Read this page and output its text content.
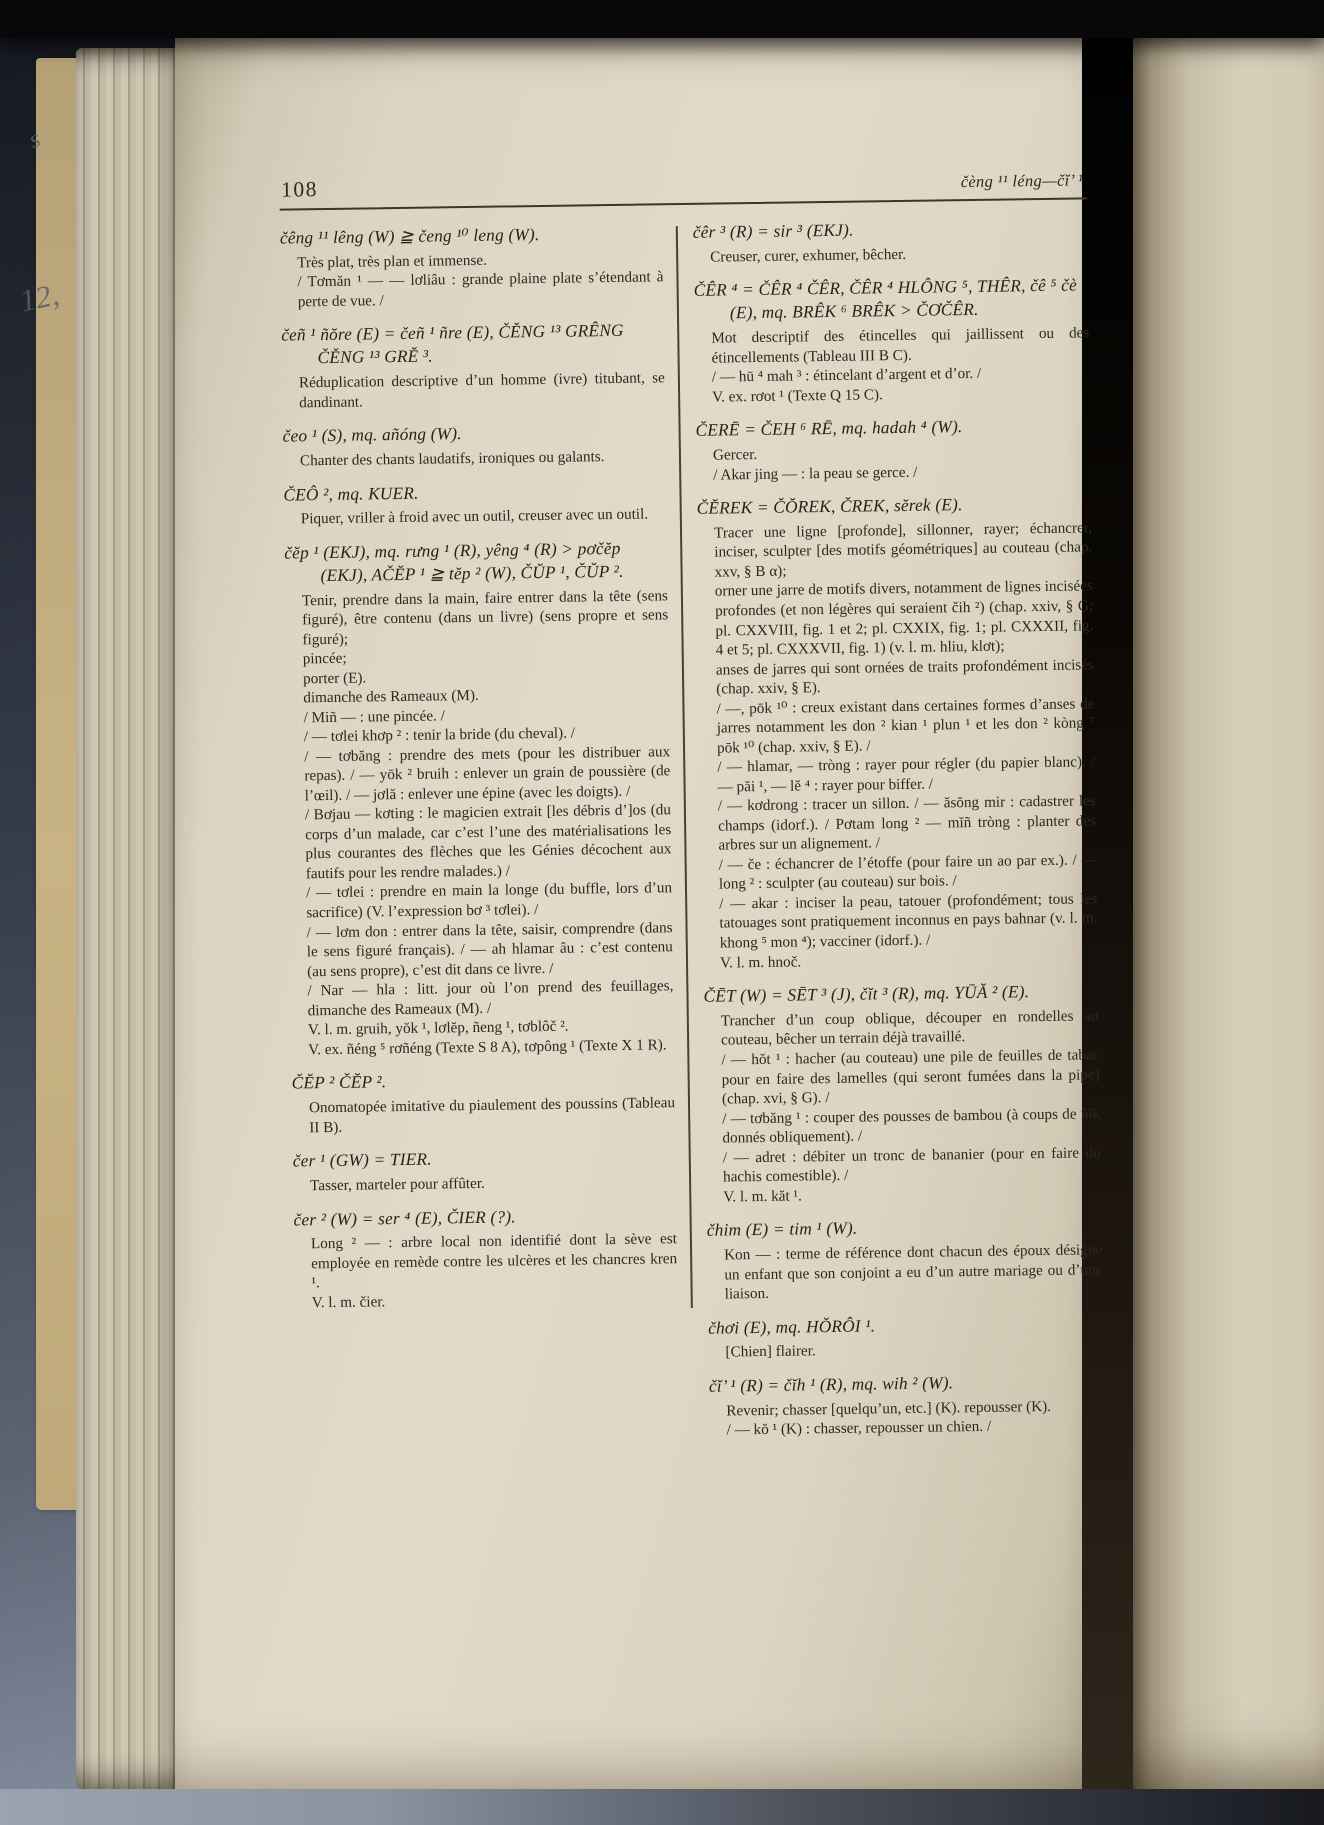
s
12,
108	čèng ¹¹ léng—čĭ’ ¹
čêng ¹¹ lêng (W) ≧ čeng ¹⁰ leng (W).

Très plat, très plan et immense.

/ Tơmăn ¹ — — lơliâu : grande plaine plate s’étendant à perte de vue. /

čeñ ¹ ñŏre (E) = čeñ ¹ ñre (E), ČĚNG ¹³ GRÊNG ČĚNG ¹³ GRĚ ³.

Réduplication descriptive d’un homme (ivre) titubant, se dandinant.

čeo ¹ (S), mq. añóng (W).

Chanter des chants laudatifs, ironiques ou galants.

ČEÔ ², mq. KUER.

Piquer, vriller à froid avec un outil, creuser avec un outil.

čĕp ¹ (EKJ), mq. rưng ¹ (R), yêng ⁴ (R) > pơčĕp (EKJ), AČĔP ¹ ≧ tĕp ² (W), ČŬP ¹, ČŬP ².

Tenir, prendre dans la main, faire entrer dans la tête (sens figuré), être contenu (dans un livre) (sens propre et sens figuré);

pincée;

porter (E).

dimanche des Rameaux (M).

/ Miñ — : une pincée. /

/ — tơlei khơp ² : tenir la bride (du cheval). /

/ — tơbăng : prendre des mets (pour les distribuer aux repas). / — yōk ² bruih : enlever un grain de poussière (de l’œil). / — jơlă : enlever une épine (avec les doigts). /

/ Bơjau — kơting : le magicien extrait [les débris d’]os (du corps d’un malade, car c’est l’une des matérialisations les plus courantes des flèches que les Génies décochent aux fautifs pour les rendre malades.) /

/ — tơlei : prendre en main la longe (du buffle, lors d’un sacrifice) (V. l’expression bơ ³ tơlei). /

/ — lơm don : entrer dans la tête, saisir, comprendre (dans le sens figuré français). / — ah hlamar âu : c’est contenu (au sens propre), c’est dit dans ce livre. /

/ Nar — hla : litt. jour où l’on prend des feuillages, dimanche des Rameaux (M). /

V. l. m. gruih, yŏk ¹, lơlĕp, ñeng ¹, tơblôč ².

V. ex. ñéng ⁵ rơñéng (Texte S 8 A), tơpông ¹ (Texte X 1 R).

ČĔP ² ČĔP ².

Onomatopée imitative du piaulement des poussins (Tableau II B).

čer ¹ (GW) = TIER.

Tasser, marteler pour affûter.

čer ² (W) = ser ⁴ (E), ČIER (?).

Long ² — : arbre local non identifié dont la sève est employée en remède contre les ulcères et les chancres kren ¹.

V. l. m. čier.

čêr ³ (R) = sir ³ (EKJ).

Creuser, curer, exhumer, bêcher.

ČÊR ⁴ = ČÊR ⁴ ČÊR, ČÊR ⁴ HLÔNG ⁵, THÊR, čê ⁵ čè (E), mq. BRÊK ⁶ BRÊK > ČƠČÊR.

Mot descriptif des étincelles qui jaillissent ou des étincellements (Tableau III B C).

/ — hū ⁴ mah ³ : étincelant d’argent et d’or. /

V. ex. rơot ¹ (Texte Q 15 C).

ČERĒ = ČEH ⁶ RĒ, mq. hadah ⁴ (W).

Gercer.

/ Akar jing — : la peau se gerce. /

ČĔREK = ČŎREK, ČREK, sĕrek (E).

Tracer une ligne [profonde], sillonner, rayer; échancrer, inciser, sculpter [des motifs géométriques] au couteau (chap. xxv, § B α);

orner une jarre de motifs divers, notamment de lignes incisées profondes (et non légères qui seraient čih ²) (chap. xxiv, § G; pl. CXXVIII, fig. 1 et 2; pl. CXXIX, fig. 1; pl. CXXXII, fig. 4 et 5; pl. CXXXVII, fig. 1) (v. l. m. hliu, klơt);

anses de jarres qui sont ornées de traits profondément incisés (chap. xxiv, § E).

/ —, pōk ¹⁰ : creux existant dans certaines formes d’anses de jarres notamment les don ² kian ¹ plun ¹ et les don ² kòng ⁷ pōk ¹⁰ (chap. xxiv, § E). /

/ — hlamar, — tròng : rayer pour régler (du papier blanc). / — păi ¹, — lĕ ⁴ : rayer pour biffer. /

/ — kơdrong : tracer un sillon. / — ăsŏng mir : cadastrer les champs (idorf.). / Pơtam long ² — mĭñ tròng : planter des arbres sur un alignement. /

/ — če : échancrer de l’étoffe (pour faire un ao par ex.). / — long ² : sculpter (au couteau) sur bois. /

/ — akar : inciser la peau, tatouer (profondément; tous les tatouages sont pratiquement inconnus en pays bahnar (v. l. m. khong ⁵ mon ⁴); vacciner (idorf.). /

V. l. m. hnoč.

ČĒT (W) = SĒT ³ (J), čĭt ³ (R), mq. YŪĂ ² (E).

Trancher d’un coup oblique, découper en rondelles au couteau, bêcher un terrain déjà travaillé.

/ — hŏt ¹ : hacher (au couteau) une pile de feuilles de tabac pour en faire des lamelles (qui seront fumées dans la pipe) (chap. xvi, § G). /

/ — tơbăng ¹ : couper des pousses de bambou (à coups de ñĭk donnés obliquement). /

/ — adret : débiter un tronc de bananier (pour en faire du hachis comestible). /

V. l. m. kăt ¹.

čhim (E) = tim ¹ (W).

Kon — : terme de référence dont chacun des époux désigne un enfant que son conjoint a eu d’un autre mariage ou d’une liaison.

čhơi (E), mq. HŎRÔI ¹.

[Chien] flairer.

čĭ’ ¹ (R) = čĭh ¹ (R), mq. wih ² (W).

Revenir; chasser [quelqu’un, etc.] (K). repousser (K).

/ — kŏ ¹ (K) : chasser, repousser un chien. /
